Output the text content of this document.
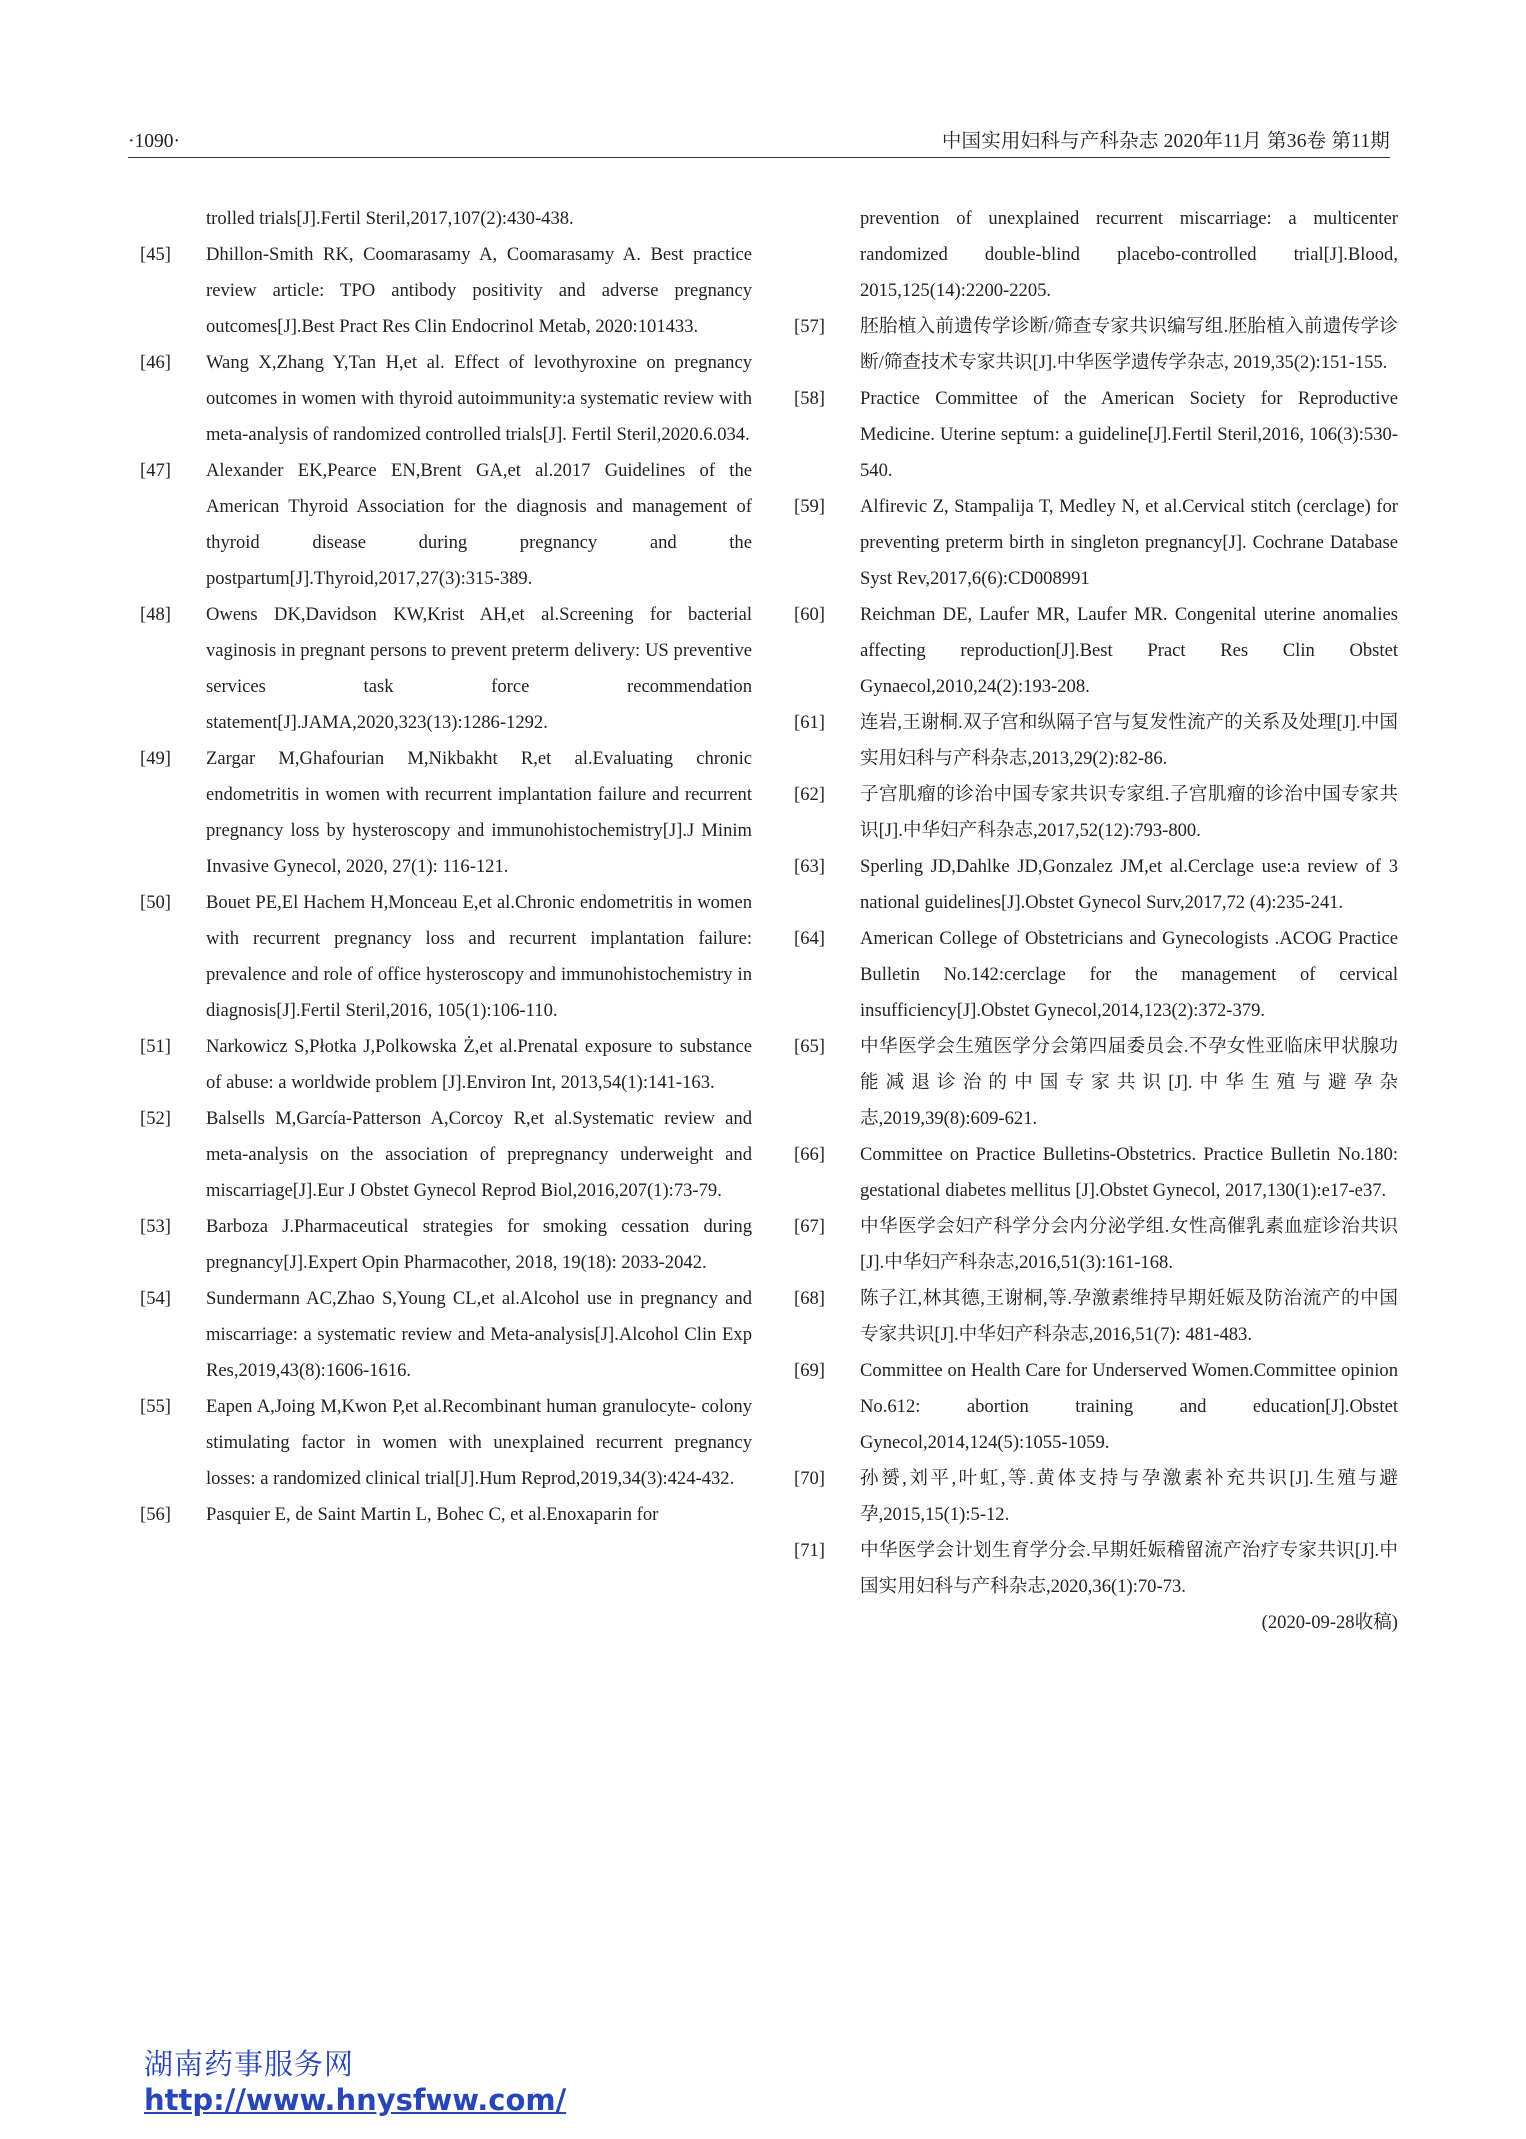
·1090·	中国实用妇科与产科杂志 2020年11月 第36卷 第11期
trolled trials[J].Fertil Steril,2017,107(2):430-438.
[45]	Dhillon-Smith RK, Coomarasamy A, Coomarasamy A. Best practice review article: TPO antibody positivity and adverse pregnancy outcomes[J].Best Pract Res Clin Endocrinol Metab, 2020:101433.
[46]	Wang X,Zhang Y,Tan H,et al. Effect of levothyroxine on pregnancy outcomes in women with thyroid autoimmunity:a systematic review with meta-analysis of randomized controlled trials[J]. Fertil Steril,2020.6.034.
[47]	Alexander EK,Pearce EN,Brent GA,et al.2017 Guidelines of the American Thyroid Association for the diagnosis and management of thyroid disease during pregnancy and the postpartum[J].Thyroid,2017,27(3):315-389.
[48]	Owens DK,Davidson KW,Krist AH,et al.Screening for bacterial vaginosis in pregnant persons to prevent preterm delivery: US preventive services task force recommendation statement[J].JAMA,2020,323(13):1286-1292.
[49]	Zargar M,Ghafourian M,Nikbakht R,et al.Evaluating chronic endometritis in women with recurrent implantation failure and recurrent pregnancy loss by hysteroscopy and immunohistochemistry[J].J Minim Invasive Gynecol, 2020, 27(1): 116-121.
[50]	Bouet PE,El Hachem H,Monceau E,et al.Chronic endometritis in women with recurrent pregnancy loss and recurrent implantation failure: prevalence and role of office hysteroscopy and immunohistochemistry in diagnosis[J].Fertil Steril,2016, 105(1):106-110.
[51]	Narkowicz S,Płotka J,Polkowska Ż,et al.Prenatal exposure to substance of abuse: a worldwide problem [J].Environ Int, 2013,54(1):141-163.
[52]	Balsells M,García-Patterson A,Corcoy R,et al.Systematic review and meta-analysis on the association of prepregnancy underweight and miscarriage[J].Eur J Obstet Gynecol Reprod Biol,2016,207(1):73-79.
[53]	Barboza J.Pharmaceutical strategies for smoking cessation during pregnancy[J].Expert Opin Pharmacother, 2018, 19(18): 2033-2042.
[54]	Sundermann AC,Zhao S,Young CL,et al.Alcohol use in pregnancy and miscarriage: a systematic review and Meta-analysis[J].Alcohol Clin Exp Res,2019,43(8):1606-1616.
[55]	Eapen A,Joing M,Kwon P,et al.Recombinant human granulocyte- colony stimulating factor in women with unexplained recurrent pregnancy losses: a randomized clinical trial[J].Hum Reprod,2019,34(3):424-432.
[56]	Pasquier E, de Saint Martin L, Bohec C, et al.Enoxaparin for
prevention of unexplained recurrent miscarriage: a multicenter randomized double-blind placebo-controlled trial[J].Blood, 2015,125(14):2200-2205.
[57]	胚胎植入前遗传学诊断/筛查专家共识编写组.胚胎植入前遗传学诊断/筛查技术专家共识[J].中华医学遗传学杂志, 2019,35(2):151-155.
[58]	Practice Committee of the American Society for Reproductive Medicine. Uterine septum: a guideline[J].Fertil Steril,2016, 106(3):530-540.
[59]	Alfirevic Z, Stampalija T, Medley N, et al.Cervical stitch (cerclage) for preventing preterm birth in singleton pregnancy[J]. Cochrane Database Syst Rev,2017,6(6):CD008991
[60]	Reichman DE, Laufer MR, Laufer MR. Congenital uterine anomalies affecting reproduction[J].Best Pract Res Clin Obstet Gynaecol,2010,24(2):193-208.
[61]	连岩,王谢桐.双子宫和纵隔子宫与复发性流产的关系及处理[J].中国实用妇科与产科杂志,2013,29(2):82-86.
[62]	子宫肌瘤的诊治中国专家共识专家组.子宫肌瘤的诊治中国专家共识[J].中华妇产科杂志,2017,52(12):793-800.
[63]	Sperling JD,Dahlke JD,Gonzalez JM,et al.Cerclage use:a review of 3 national guidelines[J].Obstet Gynecol Surv,2017,72 (4):235-241.
[64]	American College of Obstetricians and Gynecologists .ACOG Practice Bulletin No.142:cerclage for the management of cervical insufficiency[J].Obstet Gynecol,2014,123(2):372-379.
[65]	中华医学会生殖医学分会第四届委员会.不孕女性亚临床甲状腺功能减退诊治的中国专家共识[J].中华生殖与避孕杂志,2019,39(8):609-621.
[66]	Committee on Practice Bulletins-Obstetrics. Practice Bulletin No.180: gestational diabetes mellitus [J].Obstet Gynecol, 2017,130(1):e17-e37.
[67]	中华医学会妇产科学分会内分泌学组.女性高催乳素血症诊治共识[J].中华妇产科杂志,2016,51(3):161-168.
[68]	陈子江,林其德,王谢桐,等.孕激素维持早期妊娠及防治流产的中国专家共识[J].中华妇产科杂志,2016,51(7): 481-483.
[69]	Committee on Health Care for Underserved Women.Committee opinion No.612: abortion training and education[J].Obstet Gynecol,2014,124(5):1055-1059.
[70]	孙赟,刘平,叶虹,等.黄体支持与孕激素补充共识[J].生殖与避孕,2015,15(1):5-12.
[71]	中华医学会计划生育学分会.早期妊娠稽留流产治疗专家共识[J].中国实用妇科与产科杂志,2020,36(1):70-73.
(2020-09-28收稿)
湖南药事服务网
http://www.hnysfww.com/
